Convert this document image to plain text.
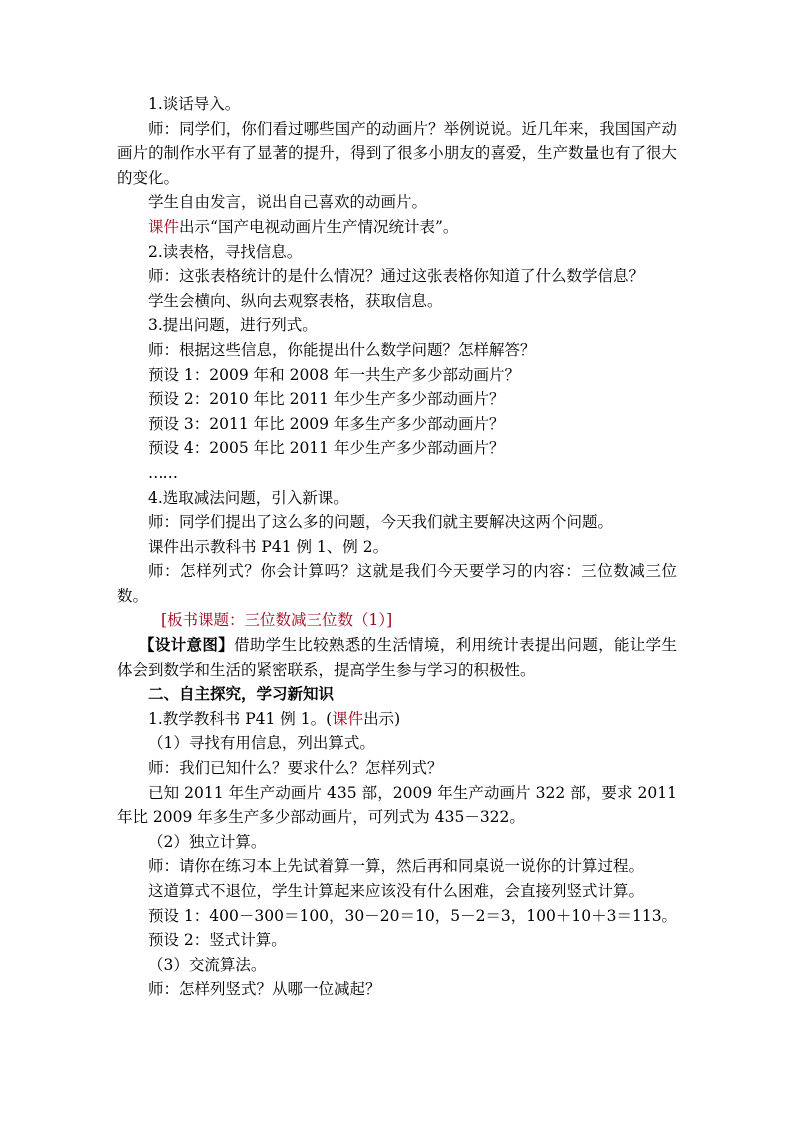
1.谈话导入。
师：同学们，你们看过哪些国产的动画片？举例说说。近几年来，我国国产动画片的制作水平有了显著的提升，得到了很多小朋友的喜爱，生产数量也有了很大的变化。
学生自由发言，说出自己喜欢的动画片。
课件出示“国产电视动画片生产情况统计表”。
2.读表格，寻找信息。
师：这张表格统计的是什么情况？通过这张表格你知道了什么数学信息？
学生会横向、纵向去观察表格，获取信息。
3.提出问题，进行列式。
师：根据这些信息，你能提出什么数学问题？怎样解答？
预设 1：2009 年和 2008 年一共生产多少部动画片？
预设 2：2010 年比 2011 年少生产多少部动画片？
预设 3：2011 年比 2009 年多生产多少部动画片？
预设 4：2005 年比 2011 年少生产多少部动画片？
……
4.选取减法问题，引入新课。
师：同学们提出了这么多的问题，今天我们就主要解决这两个问题。
课件出示教科书 P41 例 1、例 2。
师：怎样列式？你会计算吗？这就是我们今天要学习的内容：三位数减三位数。
[板书课题：三位数减三位数（1）]
【设计意图】借助学生比较熟悉的生活情境，利用统计表提出问题，能让学生体会到数学和生活的紧密联系，提高学生参与学习的积极性。
二、自主探究，学习新知识
1.教学教科书 P41 例 1。(课件出示)
（1）寻找有用信息，列出算式。
师：我们已知什么？要求什么？怎样列式？
已知 2011 年生产动画片 435 部，2009 年生产动画片 322 部，要求 2011 年比 2009 年多生产多少部动画片，可列式为 435－322。
（2）独立计算。
师：请你在练习本上先试着算一算，然后再和同桌说一说你的计算过程。
这道算式不退位，学生计算起来应该没有什么困难，会直接列竖式计算。
预设 1：400－300＝100，30－20＝10，5－2＝3，100＋10＋3＝113。
预设 2：竖式计算。
（3）交流算法。
师：怎样列竖式？从哪一位减起？
